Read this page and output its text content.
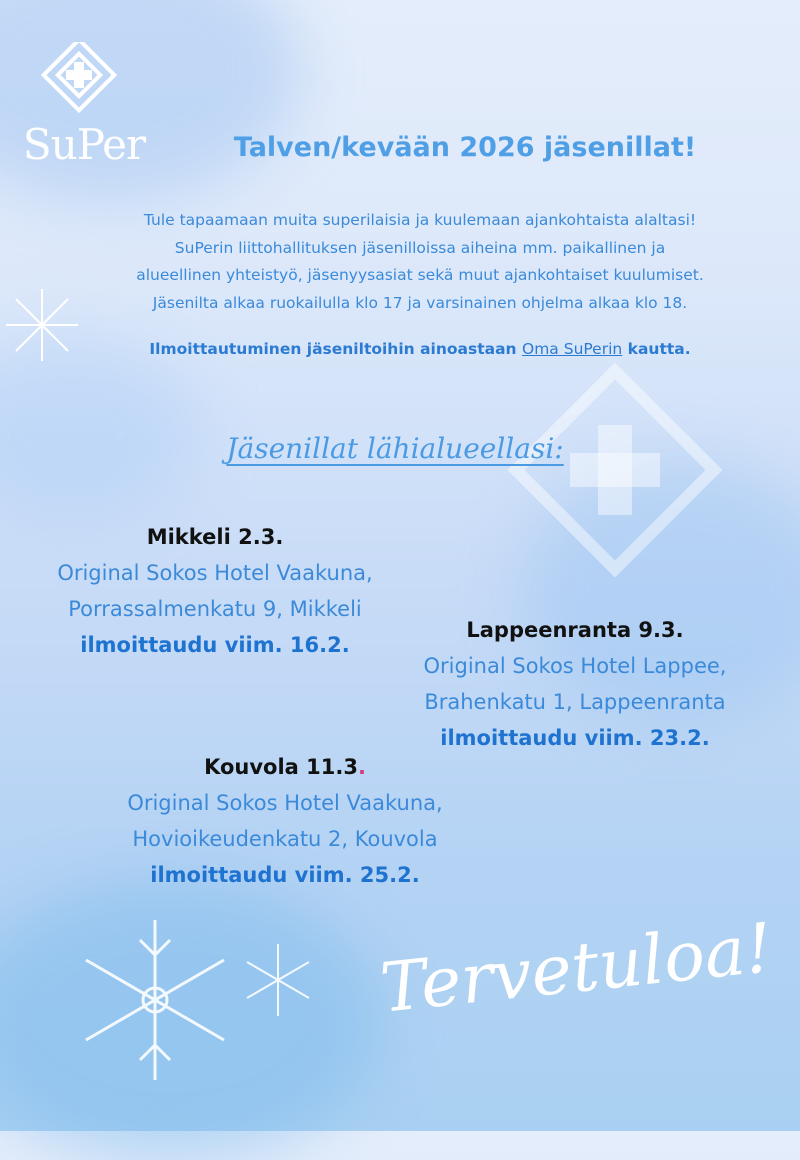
SuPer	Talven/kevään 2026 jäsenillat!
Tule tapaamaan muita superilaisia ja kuulemaan ajankohtaista alaltasi!
SuPerin liittohallituksen jäsenilloissa aiheina mm. paikallinen ja
alueellinen yhteistyö, jäsenyysasiat sekä muut ajankohtaiset kuulumiset.
Jäsenilta alkaa ruokailulla klo 17 ja varsinainen ohjelma alkaa klo 18.
Ilmoittautuminen jäseniltoihin ainoastaan Oma SuPerin kautta.
Jäsenillat lähialueellasi:
Mikkeli 2.3.
Original Sokos Hotel Vaakuna,
Porrassalmenkatu 9, Mikkeli
ilmoittaudu viim. 16.2.
Lappeenranta 9.3.
Original Sokos Hotel Lappee,
Brahenkatu 1, Lappeenranta
ilmoittaudu viim. 23.2.
Kouvola 11.3.
Original Sokos Hotel Vaakuna,
Hovioikeudenkatu 2, Kouvola
ilmoittaudu viim. 25.2.
Tervetuloa!
